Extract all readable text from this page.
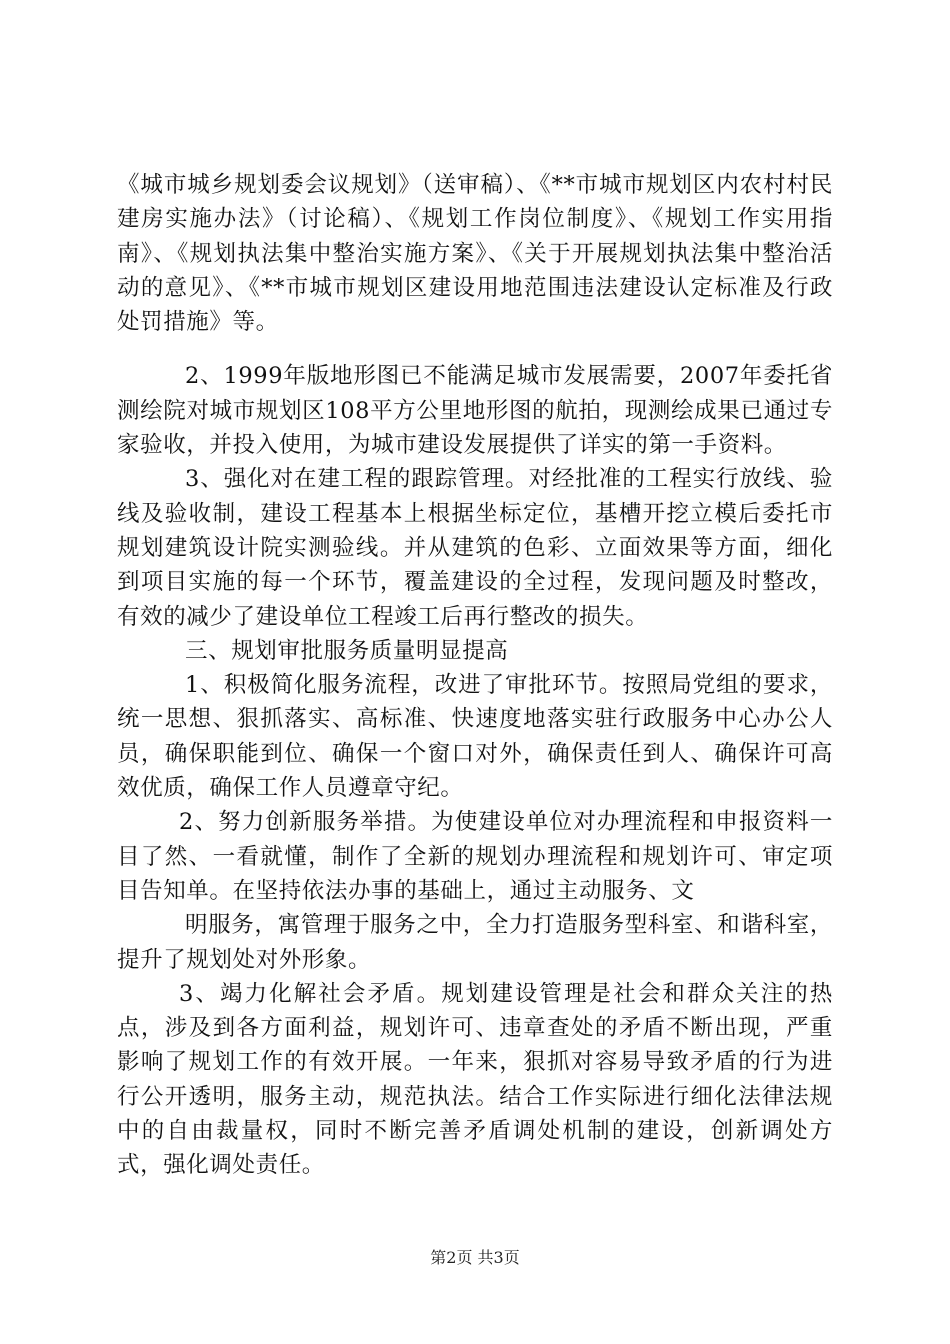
《城市城乡规划委会议规划》（送审稿）、《**市城市规划区内农村村民建房实施办法》（讨论稿）、《规划工作岗位制度》、《规划工作实用指南》、《规划执法集中整治实施方案》、《关于开展规划执法集中整治活动的意见》、《**市城市规划区建设用地范围违法建设认定标准及行政处罚措施》等。

2、1999年版地形图已不能满足城市发展需要，2007年委托省测绘院对城市规划区108平方公里地形图的航拍，现测绘成果已通过专家验收，并投入使用，为城市建设发展提供了详实的第一手资料。

3、强化对在建工程的跟踪管理。对经批准的工程实行放线、验线及验收制，建设工程基本上根据坐标定位，基槽开挖立模后委托市规划建筑设计院实测验线。并从建筑的色彩、立面效果等方面，细化到项目实施的每一个环节，覆盖建设的全过程，发现问题及时整改，有效的减少了建设单位工程竣工后再行整改的损失。

三、规划审批服务质量明显提高

1、积极简化服务流程，改进了审批环节。按照局党组的要求，统一思想、狠抓落实、高标准、快速度地落实驻行政服务中心办公人员，确保职能到位、确保一个窗口对外，确保责任到人、确保许可高效优质，确保工作人员遵章守纪。

2、努力创新服务举措。为使建设单位对办理流程和申报资料一目了然、一看就懂，制作了全新的规划办理流程和规划许可、审定项目告知单。在坚持依法办事的基础上，通过主动服务、文

明服务，寓管理于服务之中，全力打造服务型科室、和谐科室，提升了规划处对外形象。

3、竭力化解社会矛盾。规划建设管理是社会和群众关注的热点，涉及到各方面利益，规划许可、违章查处的矛盾不断出现，严重影响了规划工作的有效开展。一年来，狠抓对容易导致矛盾的行为进行公开透明，服务主动，规范执法。结合工作实际进行细化法律法规中的自由裁量权，同时不断完善矛盾调处机制的建设，创新调处方式，强化调处责任。

第2页 共3页
